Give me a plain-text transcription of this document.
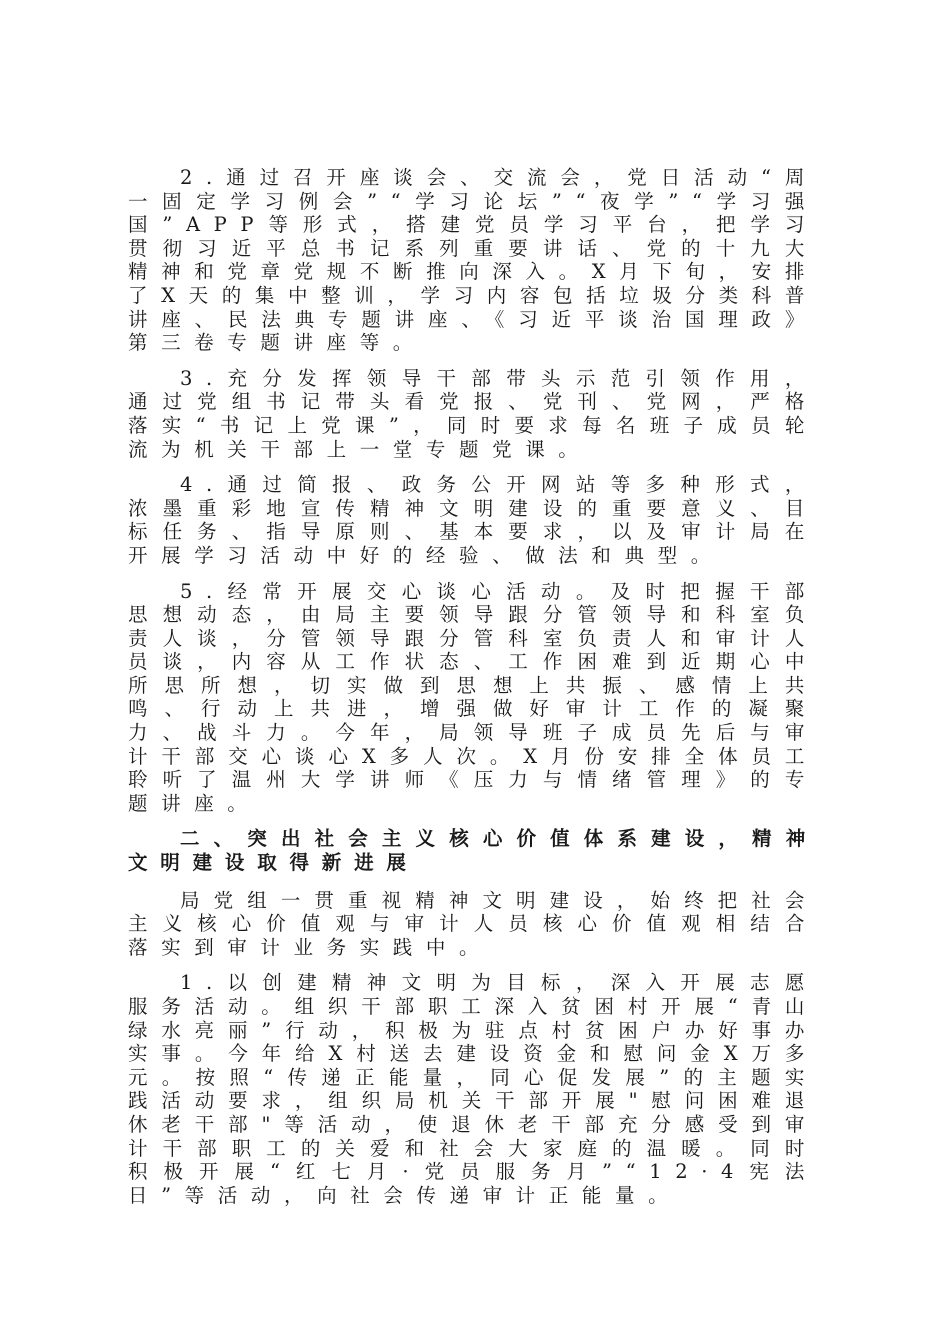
2.通过召开座谈会、交流会，党日活动“周一固定学习例会”“学习论坛”“夜学”“学习强国”APP等形式，搭建党员学习平台，把学习贯彻习近平总书记系列重要讲话、党的十九大精神和党章党规不断推向深入。X月下旬，安排了X天的集中整训，学习内容包括垃圾分类科普讲座、民法典专题讲座、《习近平谈治国理政》第三卷专题讲座等。

3.充分发挥领导干部带头示范引领作用，通过党组书记带头看党报、党刊、党网，严格落实“书记上党课”，同时要求每名班子成员轮流为机关干部上一堂专题党课。

4.通过简报、政务公开网站等多种形式，浓墨重彩地宣传精神文明建设的重要意义、目标任务、指导原则、基本要求，以及审计局在开展学习活动中好的经验、做法和典型。

5.经常开展交心谈心活动。及时把握干部思想动态，由局主要领导跟分管领导和科室负责人谈，分管领导跟分管科室负责人和审计人员谈，内容从工作状态、工作困难到近期心中所思所想，切实做到思想上共振、感情上共鸣、行动上共进，增强做好审计工作的凝聚力、战斗力。今年，局领导班子成员先后与审计干部交心谈心X多人次。X月份安排全体员工聆听了温州大学讲师《压力与情绪管理》的专题讲座。

二、突出社会主义核心价值体系建设，精神文明建设取得新进展

局党组一贯重视精神文明建设，始终把社会主义核心价值观与审计人员核心价值观相结合落实到审计业务实践中。

1.以创建精神文明为目标，深入开展志愿服务活动。组织干部职工深入贫困村开展“青山绿水亮丽”行动，积极为驻点村贫困户办好事办实事。今年给X村送去建设资金和慰问金X万多元。按照“传递正能量，同心促发展”的主题实践活动要求，组织局机关干部开展"慰问困难退休老干部"等活动，使退休老干部充分感受到审计干部职工的关爱和社会大家庭的温暖。同时积极开展“红七月·党员服务月”“12·4宪法日”等活动，向社会传递审计正能量。
